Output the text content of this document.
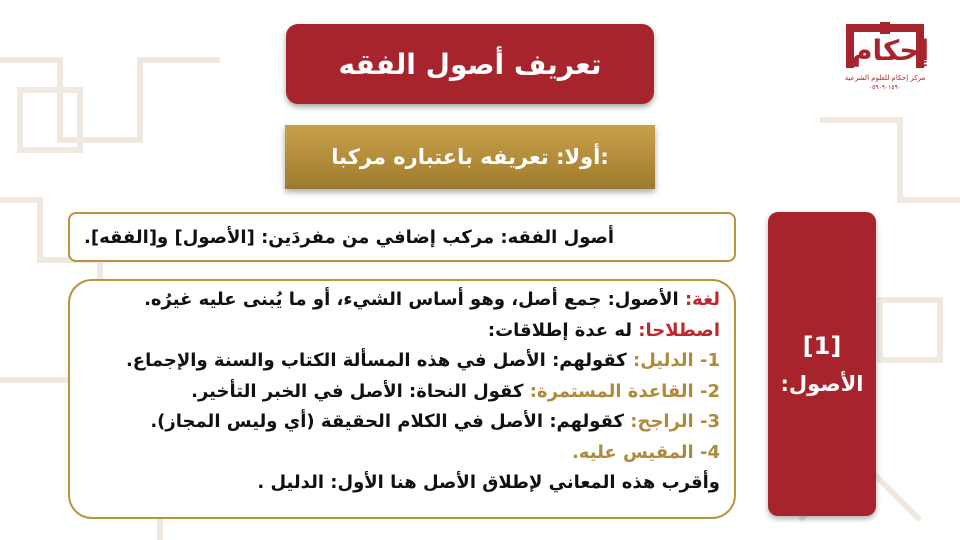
إحكام
مركز إحكام للعلوم الشرعية
٠٥٩٠٩٠١٥٩٠
تعريف أصول الفقه
أولا: تعريفه باعتباره مركبا:
أصول الفقه: مركب إضافي من مفردَين: [الأصول] و[الفقه].
لغة: الأصول: جمع أصل، وهو أساس الشيء، أو ما يُبنى عليه غيرُه.
اصطلاحا: له عدة إطلاقات:
1- الدليل: كقولهم: الأصل في هذه المسألة الكتاب والسنة والإجماع.
2- القاعدة المستمرة: كقول النحاة: الأصل في الخبر التأخير.
3- الراجح: كقولهم: الأصل في الكلام الحقيقة (أي وليس المجاز).
4- المقيس عليه.
وأقرب هذه المعاني لإطلاق الأصل هنا الأول: الدليل .
[1]
الأصول:
